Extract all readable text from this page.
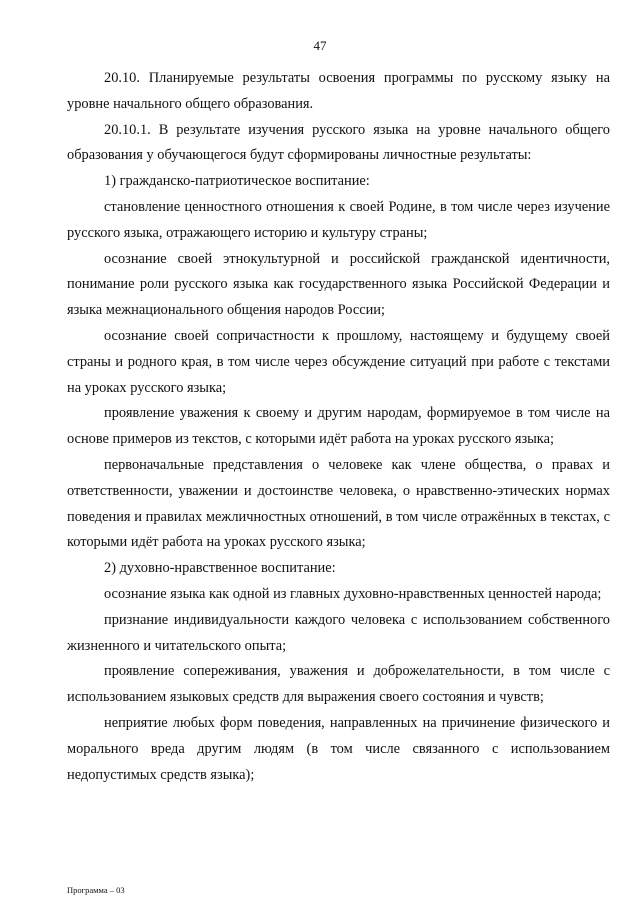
47

20.10. Планируемые результаты освоения программы по русскому языку на уровне начального общего образования.

20.10.1. В результате изучения русского языка на уровне начального общего образования у обучающегося будут сформированы личностные результаты:

1) гражданско-патриотическое воспитание:

становление ценностного отношения к своей Родине, в том числе через изучение русского языка, отражающего историю и культуру страны;

осознание своей этнокультурной и российской гражданской идентичности, понимание роли русского языка как государственного языка Российской Федерации и языка межнационального общения народов России;

осознание своей сопричастности к прошлому, настоящему и будущему своей страны и родного края, в том числе через обсуждение ситуаций при работе с текстами на уроках русского языка;

проявление уважения к своему и другим народам, формируемое в том числе на основе примеров из текстов, с которыми идёт работа на уроках русского языка;

первоначальные представления о человеке как члене общества, о правах и ответственности, уважении и достоинстве человека, о нравственно-этических нормах поведения и правилах межличностных отношений, в том числе отражённых в текстах, с которыми идёт работа на уроках русского языка;

2) духовно-нравственное воспитание:

осознание языка как одной из главных духовно-нравственных ценностей народа;

признание индивидуальности каждого человека с использованием собственного жизненного и читательского опыта;

проявление сопереживания, уважения и доброжелательности, в том числе с использованием языковых средств для выражения своего состояния и чувств;

неприятие любых форм поведения, направленных на причинение физического и морального вреда другим людям (в том числе связанного с использованием недопустимых средств языка);

Программа – 03
